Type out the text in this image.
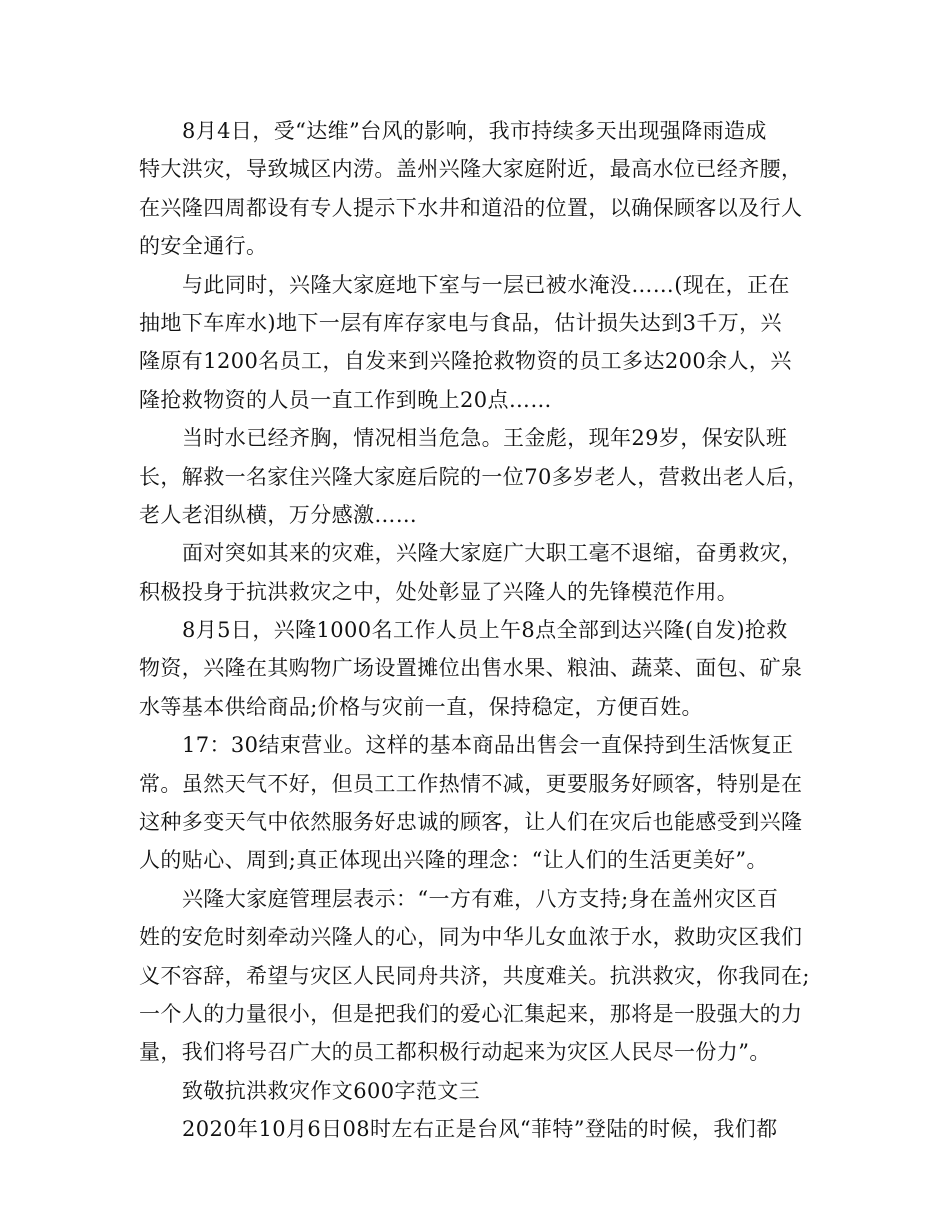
8月4日，受“达维”台风的影响，我市持续多天出现强降雨造成
特大洪灾，导致城区内涝。盖州兴隆大家庭附近，最高水位已经齐腰，
在兴隆四周都设有专人提示下水井和道沿的位置，以确保顾客以及行人
的安全通行。
与此同时，兴隆大家庭地下室与一层已被水淹没……(现在，正在
抽地下车库水)地下一层有库存家电与食品，估计损失达到3千万，兴
隆原有1200名员工，自发来到兴隆抢救物资的员工多达200余人，兴
隆抢救物资的人员一直工作到晚上20点……
当时水已经齐胸，情况相当危急。王金彪，现年29岁，保安队班
长，解救一名家住兴隆大家庭后院的一位70多岁老人，营救出老人后，
老人老泪纵横，万分感激……
面对突如其来的灾难，兴隆大家庭广大职工毫不退缩，奋勇救灾，
积极投身于抗洪救灾之中，处处彰显了兴隆人的先锋模范作用。
8月5日，兴隆1000名工作人员上午8点全部到达兴隆(自发)抢救
物资，兴隆在其购物广场设置摊位出售水果、粮油、蔬菜、面包、矿泉
水等基本供给商品;价格与灾前一直，保持稳定，方便百姓。
17：30结束营业。这样的基本商品出售会一直保持到生活恢复正
常。虽然天气不好，但员工工作热情不减，更要服务好顾客，特别是在
这种多变天气中依然服务好忠诚的顾客，让人们在灾后也能感受到兴隆
人的贴心、周到;真正体现出兴隆的理念：“让人们的生活更美好”。
兴隆大家庭管理层表示：“一方有难，八方支持;身在盖州灾区百
姓的安危时刻牵动兴隆人的心，同为中华儿女血浓于水，救助灾区我们
义不容辞，希望与灾区人民同舟共济，共度难关。抗洪救灾，你我同在;
一个人的力量很小，但是把我们的爱心汇集起来，那将是一股强大的力
量，我们将号召广大的员工都积极行动起来为灾区人民尽一份力”。
致敬抗洪救灾作文600字范文三
2020年10月6日08时左右正是台风“菲特”登陆的时候，我们都
